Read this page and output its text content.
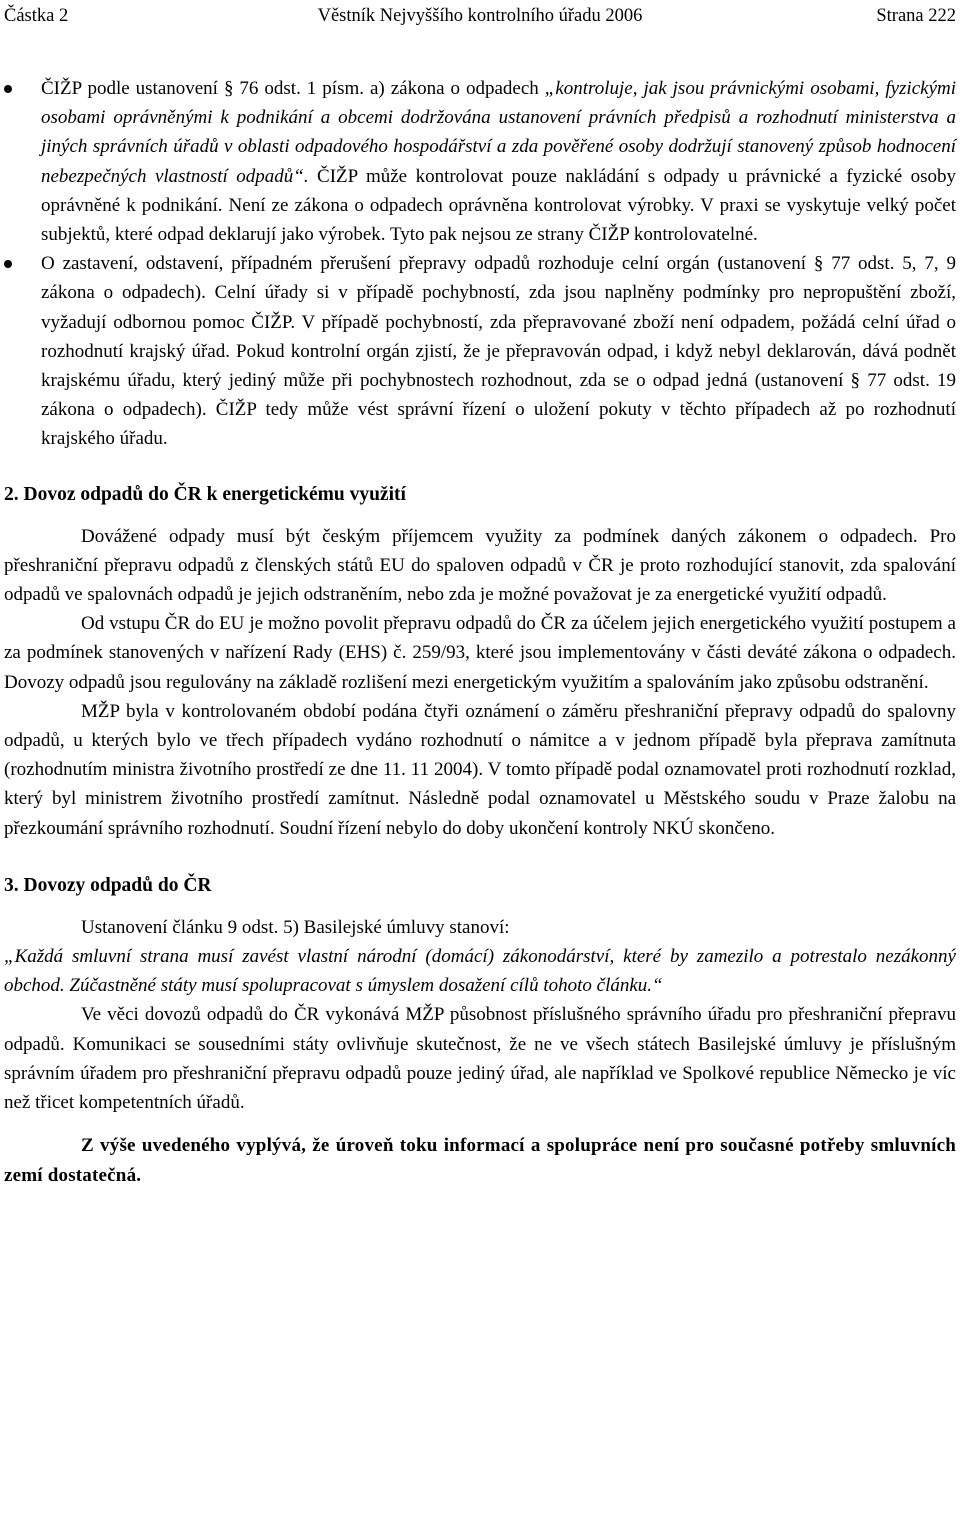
Částka 2	Věstník Nejvyššího kontrolního úřadu 2006	Strana 222

ČIŽP podle ustanovení § 76 odst. 1 písm. a) zákona o odpadech „kontroluje, jak jsou právnickými osobami, fyzickými osobami oprávněnými k podnikání a obcemi dodržována ustanovení právních předpisů a rozhodnutí ministerstva a jiných správních úřadů v oblasti odpadového hospodářství a zda pověřené osoby dodržují stanovený způsob hodnocení nebezpečných vlastností odpadů“. ČIŽP může kontrolovat pouze nakládání s odpady u právnické a fyzické osoby oprávněné k podnikání. Není ze zákona o odpadech oprávněna kontrolovat výrobky. V praxi se vyskytuje velký počet subjektů, které odpad deklarují jako výrobek. Tyto pak nejsou ze strany ČIŽP kontrolovatelné.

O zastavení, odstavení, případném přerušení přepravy odpadů rozhoduje celní orgán (ustanovení § 77 odst. 5, 7, 9 zákona o odpadech). Celní úřady si v případě pochybností, zda jsou naplněny podmínky pro nepropuštění zboží, vyžadují odbornou pomoc ČIŽP. V případě pochybností, zda přepravované zboží není odpadem, požádá celní úřad o rozhodnutí krajský úřad. Pokud kontrolní orgán zjistí, že je přepravován odpad, i když nebyl deklarován, dává podnět krajskému úřadu, který jediný může při pochybnostech rozhodnout, zda se o odpad jedná (ustanovení § 77 odst. 19 zákona o odpadech). ČIŽP tedy může vést správní řízení o uložení pokuty v těchto případech až po rozhodnutí krajského úřadu.

2. Dovoz odpadů do ČR k energetickému využití

Dovážené odpady musí být českým příjemcem využity za podmínek daných zákonem o odpadech. Pro přeshraniční přepravu odpadů z členských států EU do spaloven odpadů v ČR je proto rozhodující stanovit, zda spalování odpadů ve spalovnách odpadů je jejich odstraněním, nebo zda je možné považovat je za energetické využití odpadů.

Od vstupu ČR do EU je možno povolit přepravu odpadů do ČR za účelem jejich energetického využití postupem a za podmínek stanovených v nařízení Rady (EHS) č. 259/93, které jsou implementovány v části deváté zákona o odpadech. Dovozy odpadů jsou regulovány na základě rozlišení mezi energetickým využitím a spalováním jako způsobu odstranění.

MŽP byla v kontrolovaném období podána čtyři oznámení o záměru přeshraniční přepravy odpadů do spalovny odpadů, u kterých bylo ve třech případech vydáno rozhodnutí o námitce a v jednom případě byla přeprava zamítnuta (rozhodnutím ministra životního prostředí ze dne 11. 11 2004). V tomto případě podal oznamovatel proti rozhodnutí rozklad, který byl ministrem životního prostředí zamítnut. Následně podal oznamovatel u Městského soudu v Praze žalobu na přezkoumání správního rozhodnutí. Soudní řízení nebylo do doby ukončení kontroly NKÚ skončeno.

3. Dovozy odpadů do ČR

Ustanovení článku 9 odst. 5) Basilejské úmluvy stanoví:

„Každá smluvní strana musí zavést vlastní národní (domácí) zákonodárství, které by zamezilo a potrestalo nezákonný obchod. Zúčastněné státy musí spolupracovat s úmyslem dosažení cílů tohoto článku.“

Ve věci dovozů odpadů do ČR vykonává MŽP působnost příslušného správního úřadu pro přeshraniční přepravu odpadů. Komunikaci se sousedními státy ovlivňuje skutečnost, že ne ve všech státech Basilejské úmluvy je příslušným správním úřadem pro přeshraniční přepravu odpadů pouze jediný úřad, ale například ve Spolkové republice Německo je víc než třicet kompetentních úřadů.

Z výše uvedeného vyplývá, že úroveň toku informací a spolupráce není pro současné potřeby smluvních zemí dostatečná.
